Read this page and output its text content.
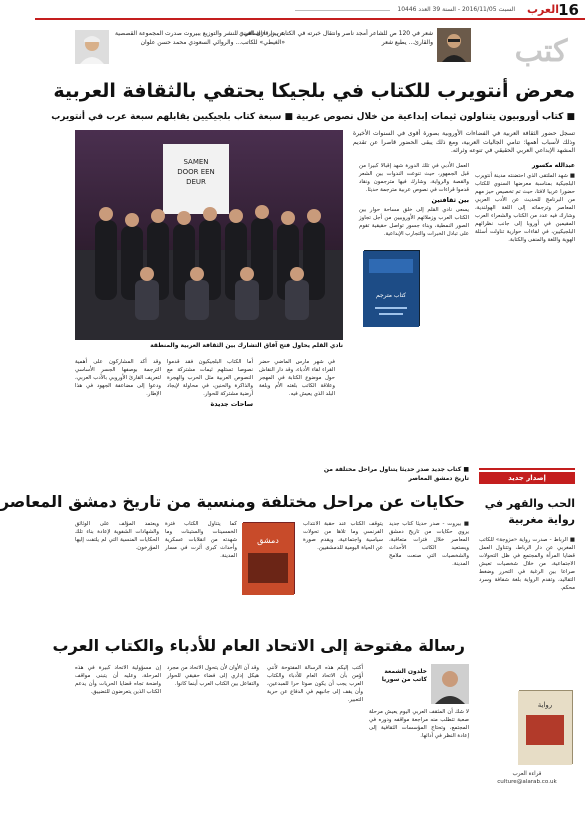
16
العرب
السبت 2016/11/05 - السنة 39 العدد 10446
كتب
شعر في 120 ص للشاعر أمجد ناصر وانتقال خبرته في الكتابة بين قارئ العيني والقارئ... يطبع شعر
عن دار «الساقي» للنشر والتوزيع ببيروت صدرت المجموعة القصصية «الغيطي» للكاتب... والروائي السعودي محمد حسن علوان
معرض أنتويرب للكتاب في بلجيكا يحتفي بالثقافة العربية
■ كتاب أوروبيون يتناولون ثيمات إبداعية من خلال نصوص عربية ■ سبعة كتاب بلجيكيين يقابلهم سبعة عرب في أنتويرب
SAMEN
DOOR EEN
DEUR
نادي القلم يحاول فتح آفاق التشارك بين الثقافة العربية والمنطقة
تسجل حضور الثقافة العربية في الفضاءات الأوروبية بصورة أقوى في السنوات الأخيرة وذلك لأسباب أهمها: تنامي الجاليات العربية، ومع ذلك يبقى الحضور قاصرا عن تقديم المشهد الإبداعي العربي الحقيقي في تنوعه وثرائه.

عبدالله مكسور

■ شهد الملتقى الذي احتضنته مدينة أنتويرب البلجيكية بمناسبة معرضها السنوي للكتاب حضورا عربيا لافتا، حيث تم تخصيص حيز مهم من البرنامج للحديث عن الأدب العربي المعاصر وترجماته إلى اللغة الهولندية، وشارك فيه عدد من الكتاب والشعراء العرب المقيمين في أوروبا إلى جانب نظرائهم البلجيكيين، في لقاءات حوارية تناولت أسئلة الهوية واللغة والمنفى والكتابة.

العمل الأدبي في تلك الدورة شهد إقبالا كبيرا من قبل الجمهور، حيث تنوعت الندوات بين الشعر والقصة والرواية، وشارك فيها مترجمون ونقاد قدموا قراءات في نصوص عربية مترجمة حديثا.

بين ثقافتين

يسعى نادي القلم إلى خلق مساحة حوار بين الكتاب العرب وزملائهم الأوروبيين من أجل تجاوز الصور النمطية، وبناء جسور تواصل حقيقية تقوم على تبادل الخبرات والتجارب الإبداعية.

كتاب مترجم

في شهر مارس الماضي حضر القراء لقاء الأدباء، وقد دار النقاش حول موضوع الكتابة في المهجر وعلاقة الكاتب بلغته الأم وبلغة البلد الذي يعيش فيه.

أما الكتاب البلجيكيون فقد قدموا نصوصا تستلهم ثيمات مشتركة مع النصوص العربية مثل الحرب والهجرة والذاكرة والحنين، في محاولة لإيجاد أرضية مشتركة للحوار.

ساحات جديدة

وقد أكد المشاركون على أهمية الترجمة بوصفها الجسر الأساسي لتعريف القارئ الأوروبي بالأدب العربي، ودعوا إلى مضاعفة الجهود في هذا الإطار.

إصدار جديد
الحب والقهر في رواية مغربية

■ الرباط - صدرت رواية «مزوجة» للكاتب المغربي عن دار الرباط، وتتناول العمل قضايا المرأة والمجتمع في ظل التحولات الاجتماعية، من خلال شخصيات تعيش صراعا بين الرغبة في التحرر وضغط التقاليد، وتقدم الرواية بلغة شفافة وسرد محكم.

رواية
قراءة العرب
culture@alarab.co.uk
■ كتاب جديد صدر حديثا يتناول مراحل مختلفة من تاريخ دمشق المعاصر
حكايات عن مراحل مختلفة ومنسية من تاريخ دمشق المعاصر

■ بيروت - صدر حديثا كتاب جديد يروي حكايات من تاريخ دمشق المعاصر خلال فترات متعاقبة، ويستعيد الكاتب الأحداث والشخصيات التي صنعت ملامح المدينة.

يتوقف الكتاب عند حقبة الانتداب الفرنسي وما تلاها من تحولات سياسية واجتماعية، ويقدم صورة عن الحياة اليومية للدمشقيين.

دمشق

كما يتناول الكتاب فترة الخمسينات والستينات وما شهدته من انقلابات عسكرية وأحداث كبرى أثرت في مسار المدينة.

ويعتمد المؤلف على الوثائق والشهادات الشفوية لإعادة بناء تلك الحكايات المنسية التي لم يلتفت إليها المؤرخون.

رسالة مفتوحة إلى الاتحاد العام للأدباء والكتاب العرب
خلدون الشمعة
كاتب من سوريا

لا شك أن المثقف العربي اليوم يعيش مرحلة صعبة تتطلب منه مراجعة مواقفه ودوره في المجتمع، وتحتاج المؤسسات الثقافية إلى إعادة النظر في أدائها.

أكتب إليكم هذه الرسالة المفتوحة لأنني أؤمن بأن الاتحاد العام للأدباء والكتاب العرب يجب أن يكون صوتا حرا للمبدعين، وأن يقف إلى جانبهم في الدفاع عن حرية التعبير.

وقد آن الأوان لأن يتحول الاتحاد من مجرد هيكل إداري إلى فضاء حقيقي للحوار والتفاعل بين الكتاب العرب أينما كانوا.

إن مسؤولية الاتحاد كبيرة في هذه المرحلة، وعليه أن يتبنى مواقف واضحة تجاه قضايا الحريات وأن يدعم الكتاب الذين يتعرضون للتضييق.
